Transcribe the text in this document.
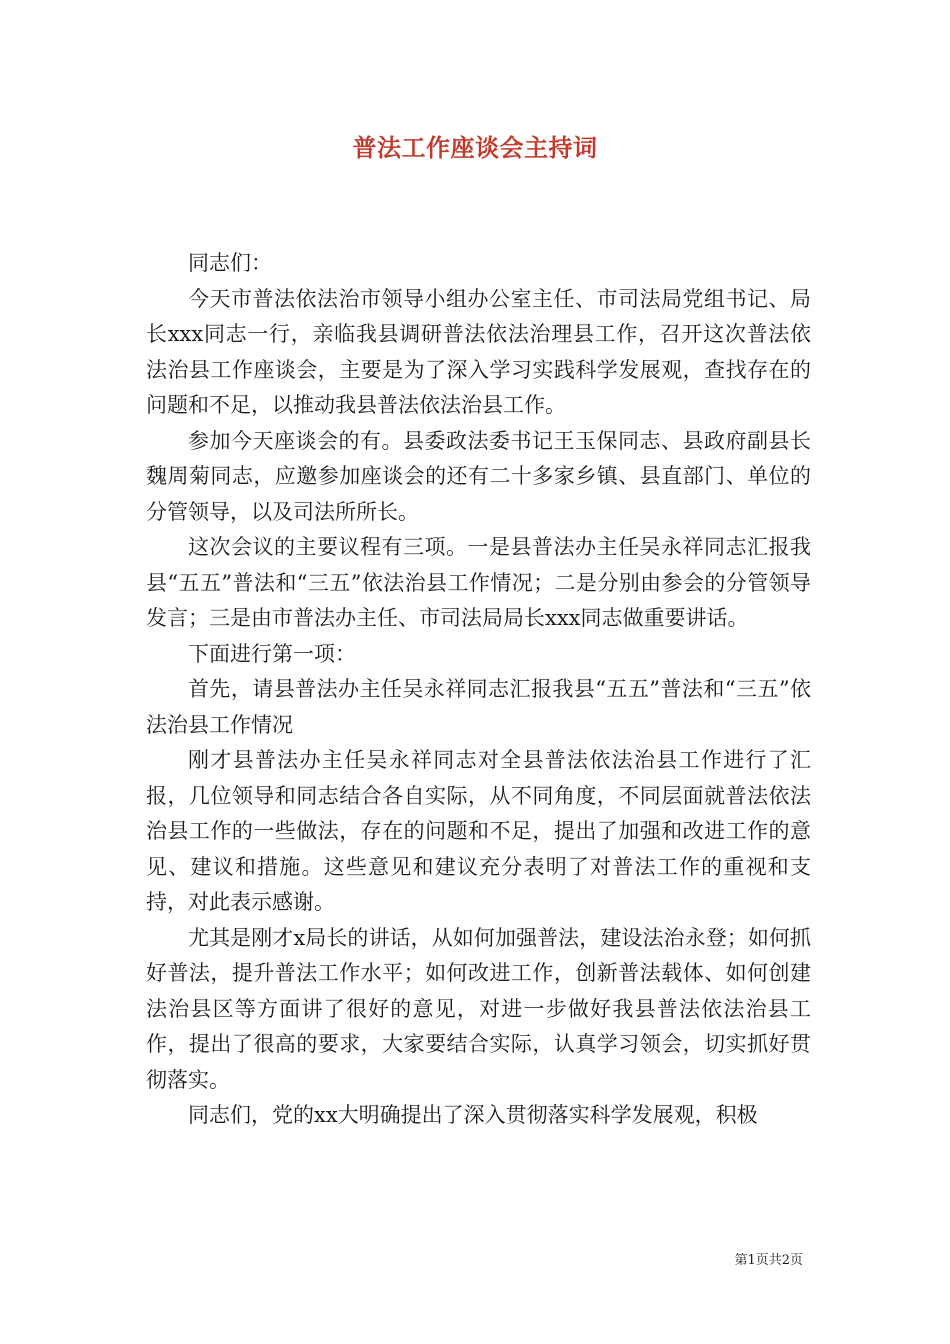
普法工作座谈会主持词

同志们：

今天市普法依法治市领导小组办公室主任、市司法局党组书记、局长xxx同志一行，亲临我县调研普法依法治理县工作，召开这次普法依法治县工作座谈会，主要是为了深入学习实践科学发展观，查找存在的问题和不足，以推动我县普法依法治县工作。

参加今天座谈会的有。县委政法委书记王玉保同志、县政府副县长魏周菊同志，应邀参加座谈会的还有二十多家乡镇、县直部门、单位的分管领导，以及司法所所长。

这次会议的主要议程有三项。一是县普法办主任吴永祥同志汇报我县“五五”普法和“三五”依法治县工作情况；二是分别由参会的分管领导发言；三是由市普法办主任、市司法局局长xxx同志做重要讲话。

下面进行第一项：

首先，请县普法办主任吴永祥同志汇报我县“五五”普法和“三五”依法治县工作情况

刚才县普法办主任吴永祥同志对全县普法依法治县工作进行了汇报，几位领导和同志结合各自实际，从不同角度，不同层面就普法依法治县工作的一些做法，存在的问题和不足，提出了加强和改进工作的意见、建议和措施。这些意见和建议充分表明了对普法工作的重视和支持，对此表示感谢。

尤其是刚才x局长的讲话，从如何加强普法，建设法治永登；如何抓好普法，提升普法工作水平；如何改进工作，创新普法载体、如何创建法治县区等方面讲了很好的意见，对进一步做好我县普法依法治县工作，提出了很高的要求，大家要结合实际，认真学习领会，切实抓好贯彻落实。

同志们，党的xx大明确提出了深入贯彻落实科学发展观，积极

第1页共2页
